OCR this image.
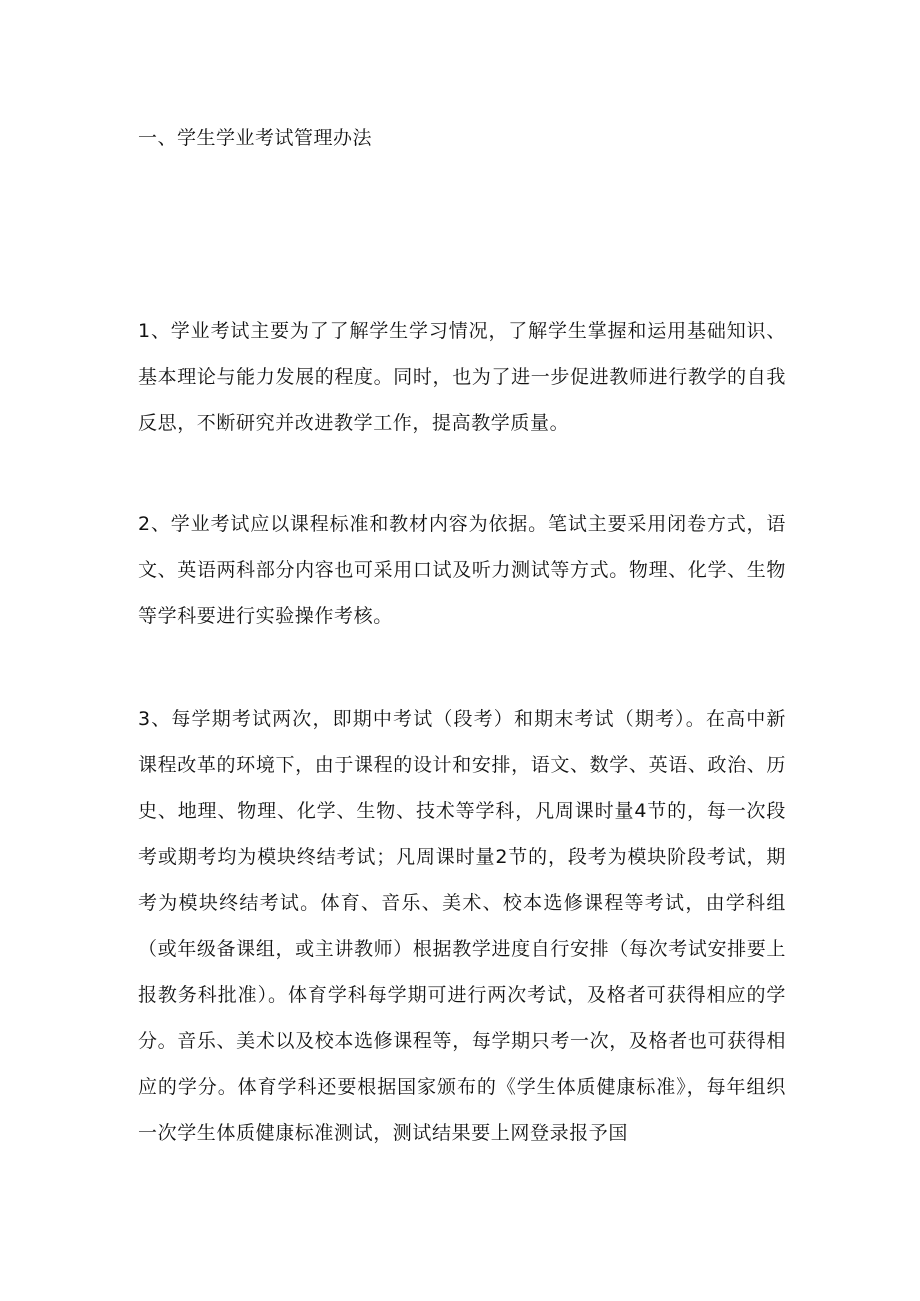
一、学生学业考试管理办法

1、学业考试主要为了了解学生学习情况，了解学生掌握和运用基础知识、基本理论与能力发展的程度。同时，也为了进一步促进教师进行教学的自我反思，不断研究并改进教学工作，提高教学质量。

2、学业考试应以课程标准和教材内容为依据。笔试主要采用闭卷方式，语文、英语两科部分内容也可采用口试及听力测试等方式。物理、化学、生物等学科要进行实验操作考核。

3、每学期考试两次，即期中考试（段考）和期末考试（期考）。在高中新课程改革的环境下，由于课程的设计和安排，语文、数学、英语、政治、历史、地理、物理、化学、生物、技术等学科，凡周课时量4节的，每一次段考或期考均为模块终结考试；凡周课时量2节的，段考为模块阶段考试，期考为模块终结考试。体育、音乐、美术、校本选修课程等考试，由学科组（或年级备课组，或主讲教师）根据教学进度自行安排（每次考试安排要上报教务科批准）。体育学科每学期可进行两次考试，及格者可获得相应的学分。音乐、美术以及校本选修课程等，每学期只考一次，及格者也可获得相应的学分。体育学科还要根据国家颁布的《学生体质健康标准》，每年组织一次学生体质健康标准测试，测试结果要上网登录报予国
